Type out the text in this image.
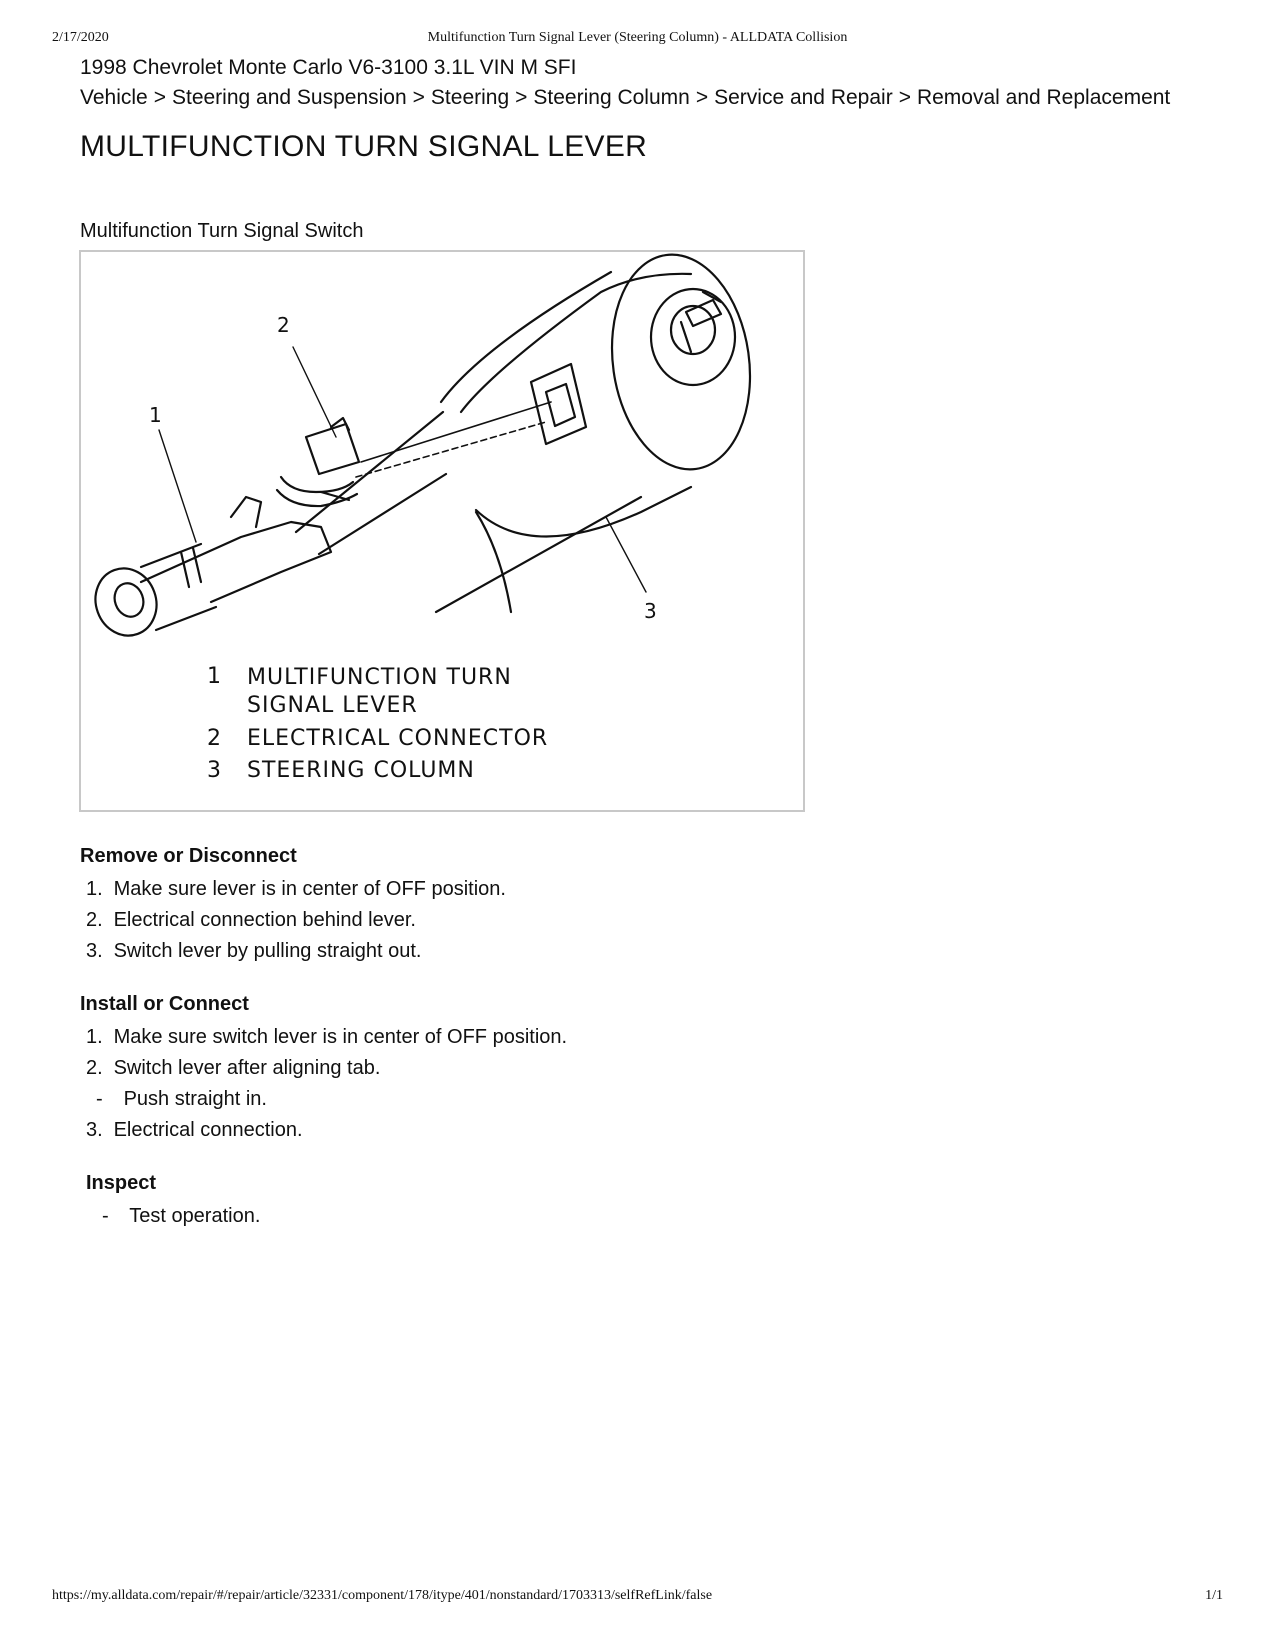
2/17/2020	Multifunction Turn Signal Lever (Steering Column) - ALLDATA Collision
1998 Chevrolet Monte Carlo V6-3100 3.1L VIN M SFI
Vehicle > Steering and Suspension > Steering > Steering Column > Service and Repair > Removal and Replacement
MULTIFUNCTION TURN SIGNAL LEVER
Multifunction Turn Signal Switch
2
1
3
1	MULTIFUNCTION TURN SIGNAL LEVER
2	ELECTRICAL CONNECTOR
3	STEERING COLUMN
Remove or Disconnect
1. Make sure lever is in center of OFF position.
2. Electrical connection behind lever.
3. Switch lever by pulling straight out.
Install or Connect
1. Make sure switch lever is in center of OFF position.
2. Switch lever after aligning tab.
- Push straight in.
3. Electrical connection.
Inspect
- Test operation.
https://my.alldata.com/repair/#/repair/article/32331/component/178/itype/401/nonstandard/1703313/selfRefLink/false	1/1
